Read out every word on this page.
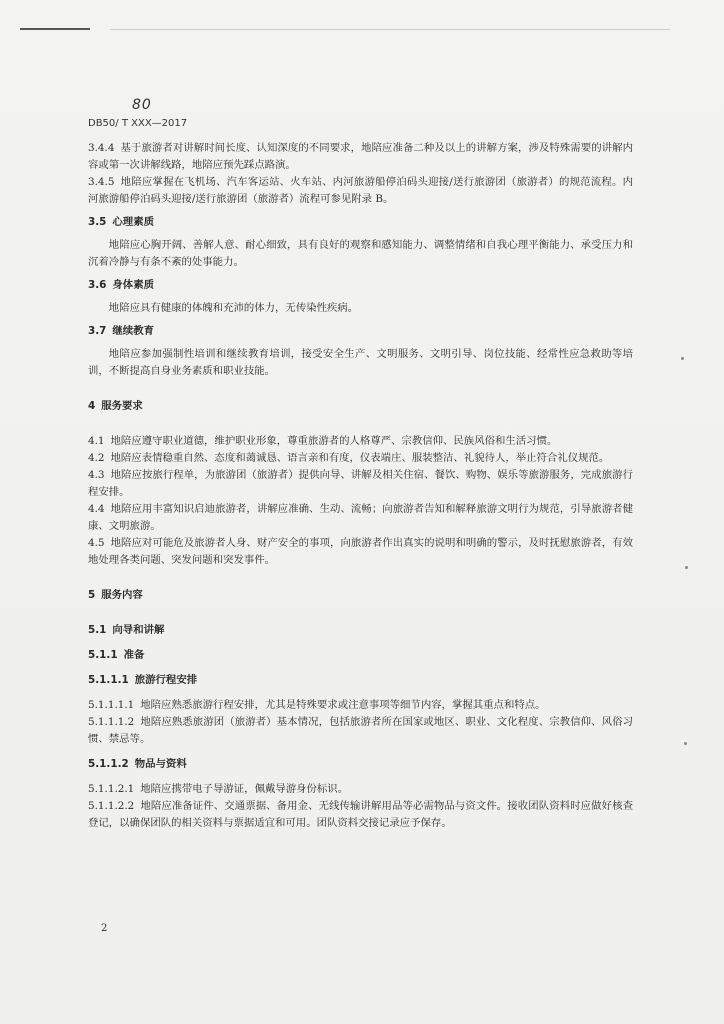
80
DB50/ T XXX—2017

3.4.4 基于旅游者对讲解时间长度、认知深度的不同要求，地陪应准备二种及以上的讲解方案，涉及特殊需要的讲解内容或第一次讲解线路，地陪应预先踩点路演。

3.4.5 地陪应掌握在飞机场、汽车客运站、火车站、内河旅游船停泊码头迎接/送行旅游团（旅游者）的规范流程。内河旅游船停泊码头迎接/送行旅游团（旅游者）流程可参见附录 B。

3.5 心理素质

地陪应心胸开阔、善解人意、耐心细致，具有良好的观察和感知能力、调整情绪和自我心理平衡能力、承受压力和沉着冷静与有条不紊的处事能力。

3.6 身体素质

地陪应具有健康的体魄和充沛的体力，无传染性疾病。

3.7 继续教育

地陪应参加强制性培训和继续教育培训，接受安全生产、文明服务、文明引导、岗位技能、经常性应急救助等培训，不断提高自身业务素质和职业技能。

4 服务要求

4.1 地陪应遵守职业道德，维护职业形象，尊重旅游者的人格尊严、宗教信仰、民族风俗和生活习惯。

4.2 地陪应表情稳重自然、态度和蔼诚恳、语言亲和有度，仪表端庄、服装整洁、礼貌待人，举止符合礼仪规范。

4.3 地陪应按旅行程单，为旅游团（旅游者）提供向导、讲解及相关住宿、餐饮、购物、娱乐等旅游服务，完成旅游行程安排。

4.4 地陪应用丰富知识启迪旅游者，讲解应准确、生动、流畅；向旅游者告知和解释旅游文明行为规范，引导旅游者健康、文明旅游。

4.5 地陪应对可能危及旅游者人身、财产安全的事项，向旅游者作出真实的说明和明确的警示，及时抚慰旅游者，有效地处理各类问题、突发问题和突发事件。

5 服务内容

5.1 向导和讲解

5.1.1 准备

5.1.1.1 旅游行程安排

5.1.1.1.1 地陪应熟悉旅游行程安排，尤其是特殊要求或注意事项等细节内容，掌握其重点和特点。

5.1.1.1.2 地陪应熟悉旅游团（旅游者）基本情况，包括旅游者所在国家或地区、职业、文化程度、宗教信仰、风俗习惯、禁忌等。

5.1.1.2 物品与资料

5.1.1.2.1 地陪应携带电子导游证，佩戴导游身份标识。

5.1.1.2.2 地陪应准备证件、交通票据、备用金、无线传输讲解用品等必需物品与资文件。接收团队资料时应做好核查登记，以确保团队的相关资料与票据适宜和可用。团队资料交接记录应予保存。

2
